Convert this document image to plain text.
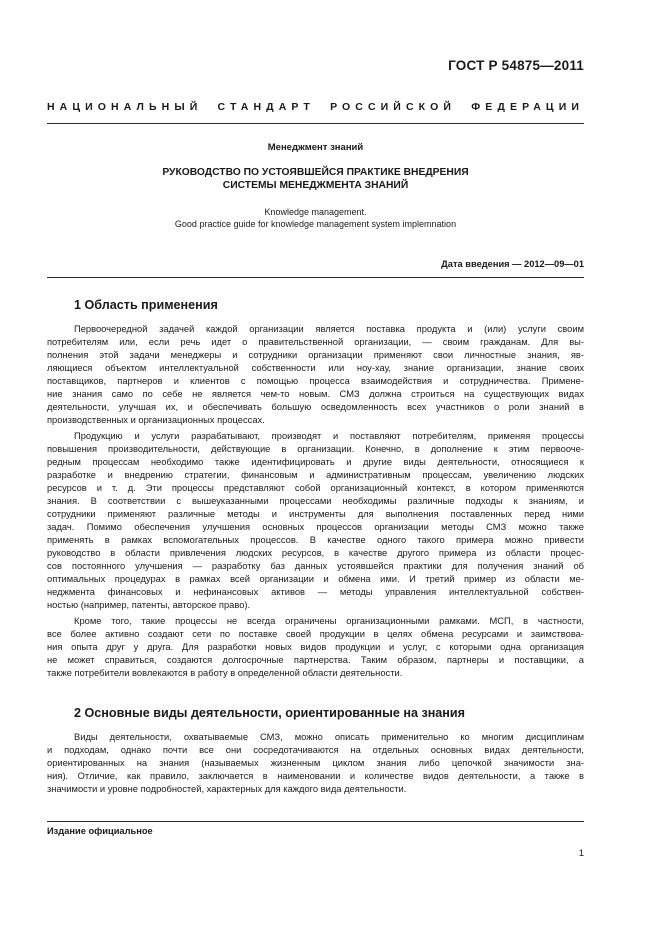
ГОСТ Р 54875—2011
НАЦИОНАЛЬНЫЙ СТАНДАРТ РОССИЙСКОЙ ФЕДЕРАЦИИ
Менеджмент знаний
РУКОВОДСТВО ПО УСТОЯВШЕЙСЯ ПРАКТИКЕ ВНЕДРЕНИЯ
СИСТЕМЫ МЕНЕДЖМЕНТА ЗНАНИЙ
Knowledge management.
Good practice guide for knowledge management system implemnation
Дата введения — 2012—09—01
1 Область применения
Первоочередной задачей каждой организации является поставка продукта и (или) услуги своим
потребителям или, если речь идет о правительственной организации, — своим гражданам. Для вы-
полнения этой задачи менеджеры и сотрудники организации применяют свои личностные знания, яв-
ляющиеся объектом интеллектуальной собственности или ноу-хау, знание организации, знание своих
поставщиков, партнеров и клиентов с помощью процесса взаимодействия и сотрудничества. Примене-
ние знания само по себе не является чем-то новым. СМЗ должна строиться на существующих видах
деятельности, улучшая их, и обеспечивать большую осведомленность всех участников о роли знаний в
производственных и организационных процессах.
Продукцию и услуги разрабатывают, производят и поставляют потребителям, применяя процессы
повышения производительности, действующие в организации. Конечно, в дополнение к этим первооче-
редным процессам необходимо также идентифицировать и другие виды деятельности, относящиеся к
разработке и внедрению стратегии, финансовым и административным процессам, увеличению людских
ресурсов и т. д. Эти процессы представляют собой организационный контекст, в котором применяются
знания. В соответствии с вышеуказанными процессами необходимы различные подходы к знаниям, и
сотрудники применяют различные методы и инструменты для выполнения поставленных перед ними
задач. Помимо обеспечения улучшения основных процессов организации методы СМЗ можно также
применять в рамках вспомогательных процессов. В качестве одного такого примера можно привести
руководство в области привлечения людских ресурсов, в качестве другого примера из области процес-
сов постоянного улучшения — разработку баз данных устоявшейся практики для получения знаний об
оптимальных процедурах в рамках всей организации и обмена ими. И третий пример из области ме-
неджмента финансовых и нефинансовых активов — методы управления интеллектуальной собствен-
ностью (например, патенты, авторское право).
Кроме того, такие процессы не всегда ограничены организационными рамками. МСП, в частности,
все более активно создают сети по поставке своей продукции в целях обмена ресурсами и заимствова-
ния опыта друг у друга. Для разработки новых видов продукции и услуг, с которыми одна организация
не может справиться, создаются долгосрочные партнерства. Таким образом, партнеры и поставщики, а
также потребители вовлекаются в работу в определенной области деятельности.
2 Основные виды деятельности, ориентированные на знания
Виды деятельности, охватываемые СМЗ, можно описать применительно ко многим дисциплинам
и подходам, однако почти все они сосредотачиваются на отдельных основных видах деятельности,
ориентированных на знания (называемых жизненным циклом знания либо цепочкой значимости зна-
ния). Отличие, как правило, заключается в наименовании и количестве видов деятельности, а также в
значимости и уровне подробностей, характерных для каждого вида деятельности.
Издание официальное
1
